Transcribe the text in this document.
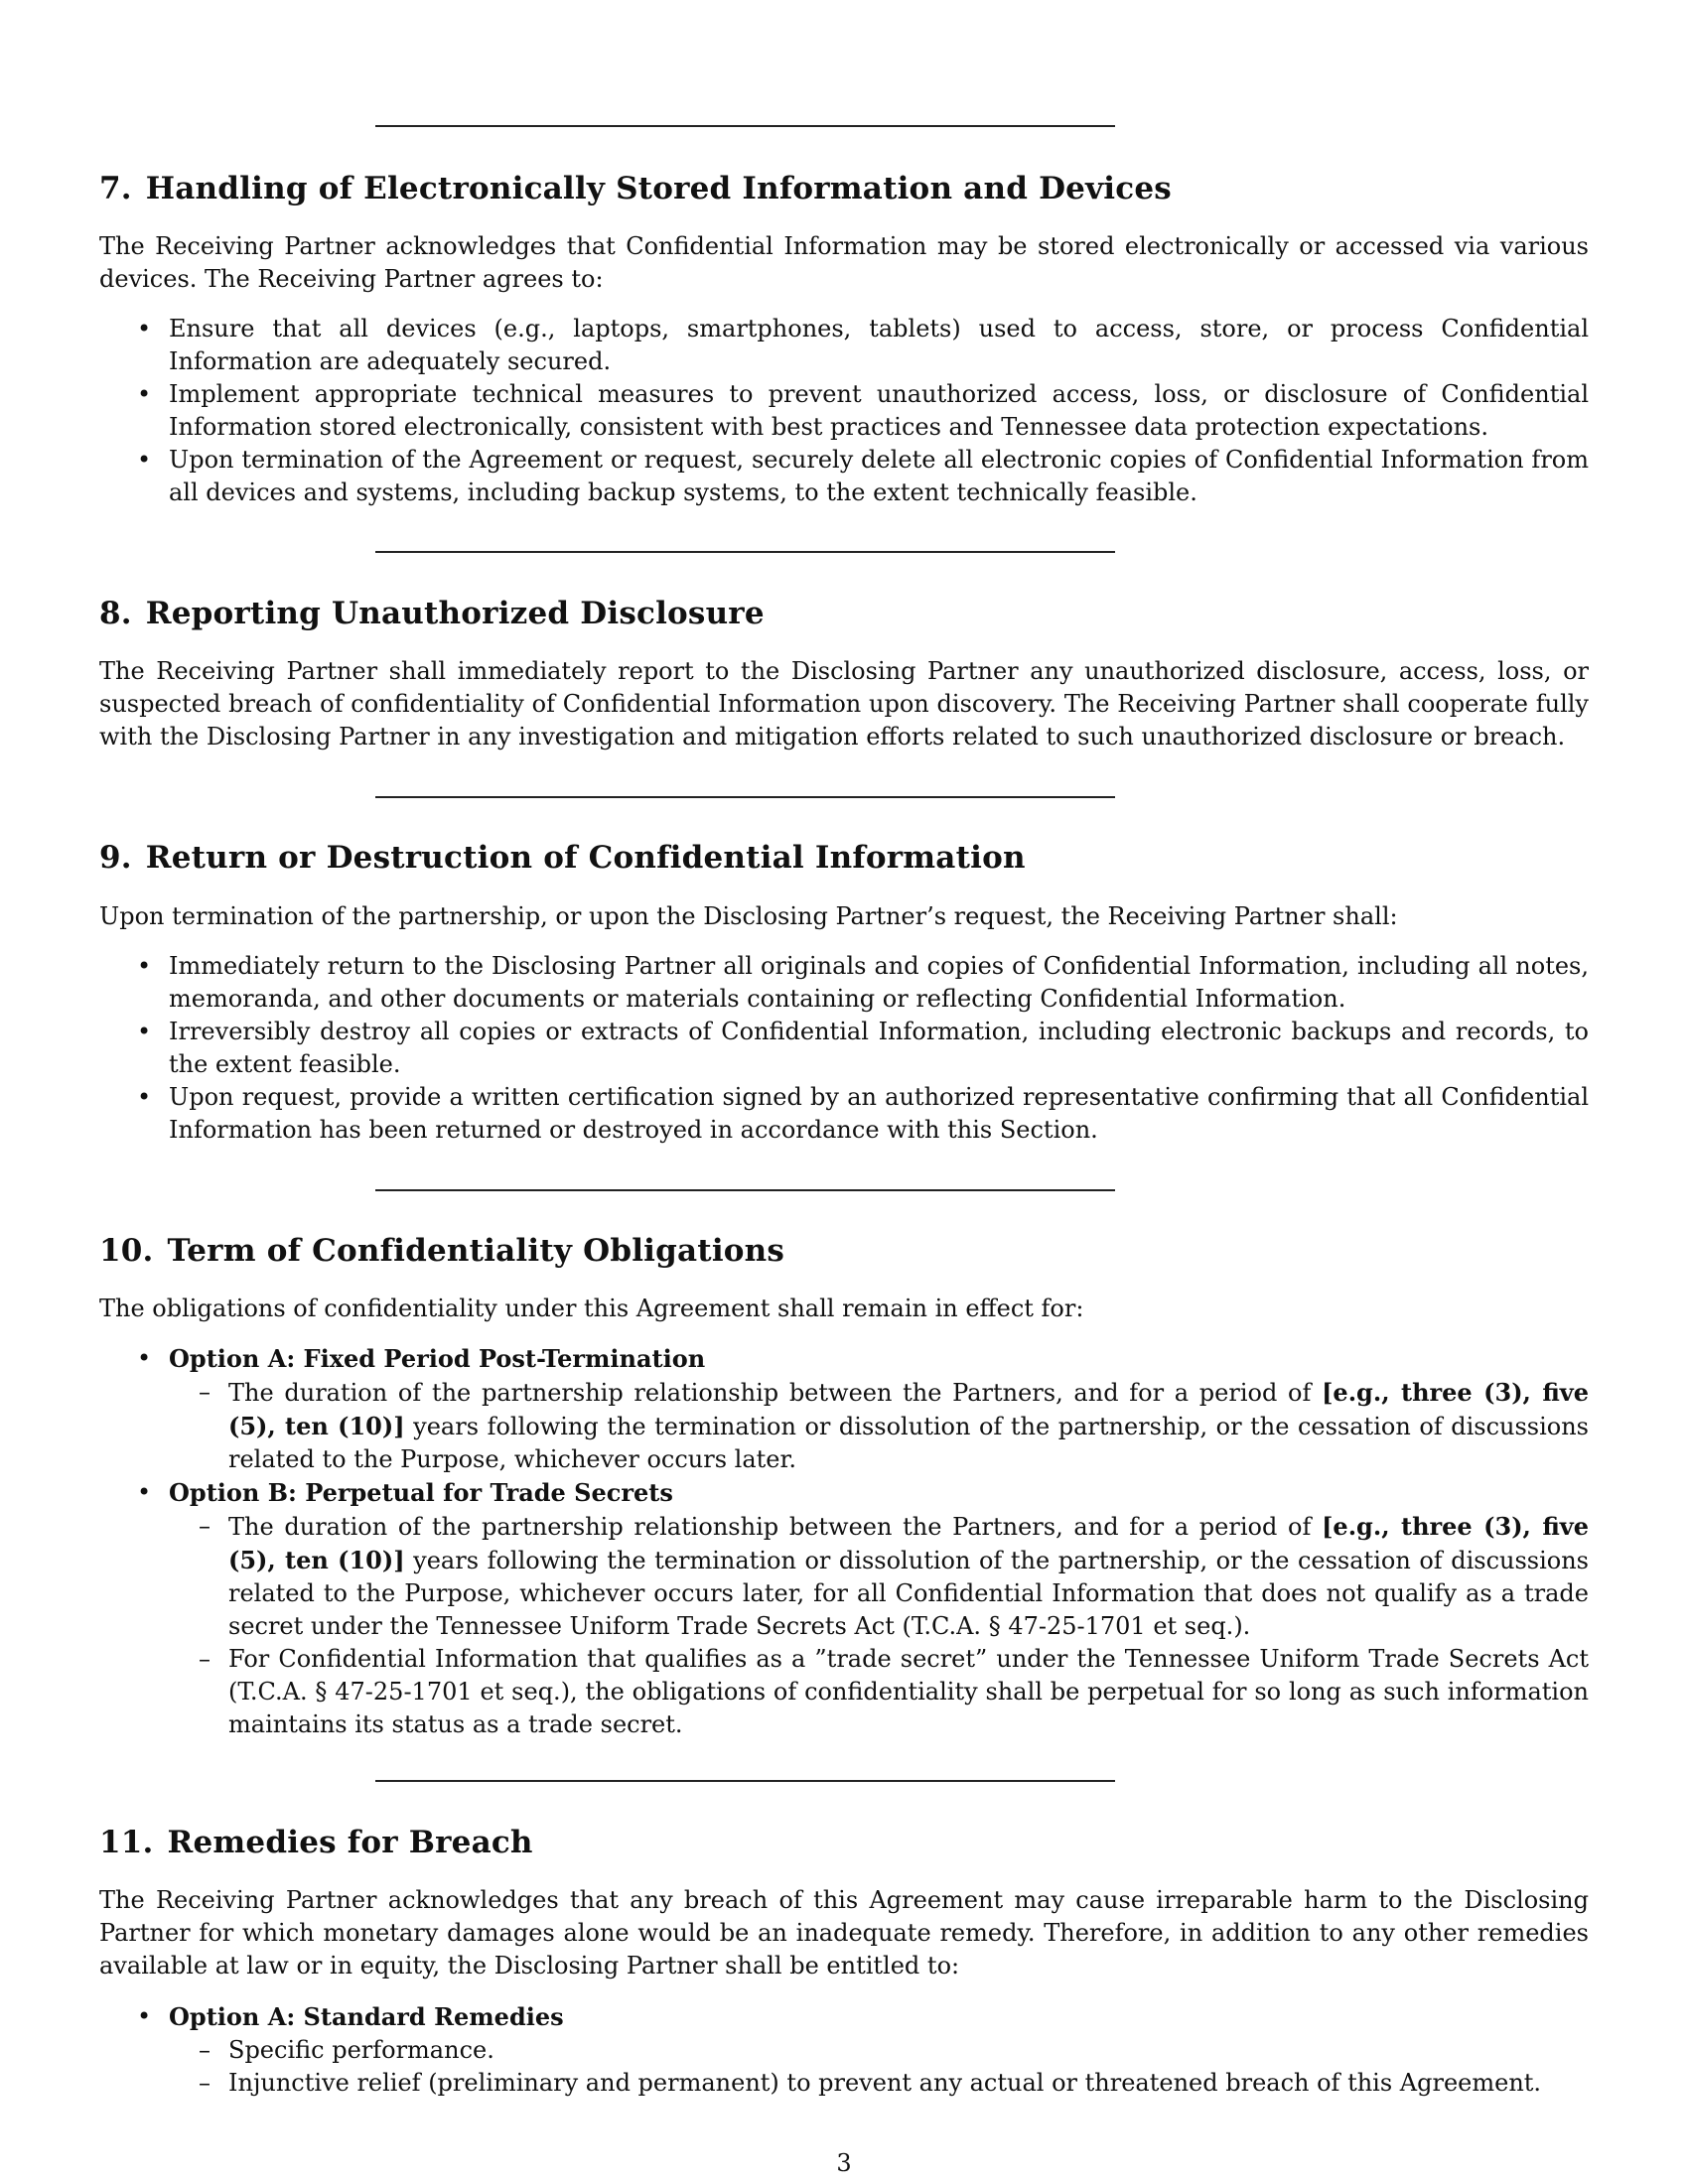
7. Handling of Electronically Stored Information and Devices

The Receiving Partner acknowledges that Confidential Information may be stored electronically or accessed via various devices. The Receiving Partner agrees to:

• Ensure that all devices (e.g., laptops, smartphones, tablets) used to access, store, or process Confidential Information are adequately secured.
• Implement appropriate technical measures to prevent unauthorized access, loss, or disclosure of Confidential Information stored electronically, consistent with best practices and Tennessee data protection expectations.
• Upon termination of the Agreement or request, securely delete all electronic copies of Confidential Information from all devices and systems, including backup systems, to the extent technically feasible.
8. Reporting Unauthorized Disclosure

The Receiving Partner shall immediately report to the Disclosing Partner any unauthorized disclosure, access, loss, or suspected breach of confidentiality of Confidential Information upon discovery. The Receiving Partner shall cooperate fully with the Disclosing Partner in any investigation and mitigation efforts related to such unauthorized disclosure or breach.

9. Return or Destruction of Confidential Information

Upon termination of the partnership, or upon the Disclosing Partner’s request, the Receiving Partner shall:

• Immediately return to the Disclosing Partner all originals and copies of Confidential Information, including all notes, memoranda, and other documents or materials containing or reflecting Confidential Information.
• Irreversibly destroy all copies or extracts of Confidential Information, including electronic backups and records, to the extent feasible.
• Upon request, provide a written certification signed by an authorized representative confirming that all Confidential Information has been returned or destroyed in accordance with this Section.
10. Term of Confidentiality Obligations

The obligations of confidentiality under this Agreement shall remain in effect for:

• Option A: Fixed Period Post-Termination
– The duration of the partnership relationship between the Partners, and for a period of [e.g., three (3), five (5), ten (10)] years following the termination or dissolution of the partnership, or the cessation of discussions related to the Purpose, whichever occurs later.
• Option B: Perpetual for Trade Secrets
– The duration of the partnership relationship between the Partners, and for a period of [e.g., three (3), five (5), ten (10)] years following the termination or dissolution of the partnership, or the cessation of discussions related to the Purpose, whichever occurs later, for all Confidential Information that does not qualify as a trade secret under the Tennessee Uniform Trade Secrets Act (T.C.A. § 47-25-1701 et seq.).
– For Confidential Information that qualifies as a ”trade secret” under the Tennessee Uniform Trade Secrets Act (T.C.A. § 47-25-1701 et seq.), the obligations of confidentiality shall be perpetual for so long as such information maintains its status as a trade secret.
11. Remedies for Breach

The Receiving Partner acknowledges that any breach of this Agreement may cause irreparable harm to the Disclosing Partner for which monetary damages alone would be an inadequate remedy. Therefore, in addition to any other remedies available at law or in equity, the Disclosing Partner shall be entitled to:

• Option A: Standard Remedies
– Specific performance.
– Injunctive relief (preliminary and permanent) to prevent any actual or threatened breach of this Agreement.
3
